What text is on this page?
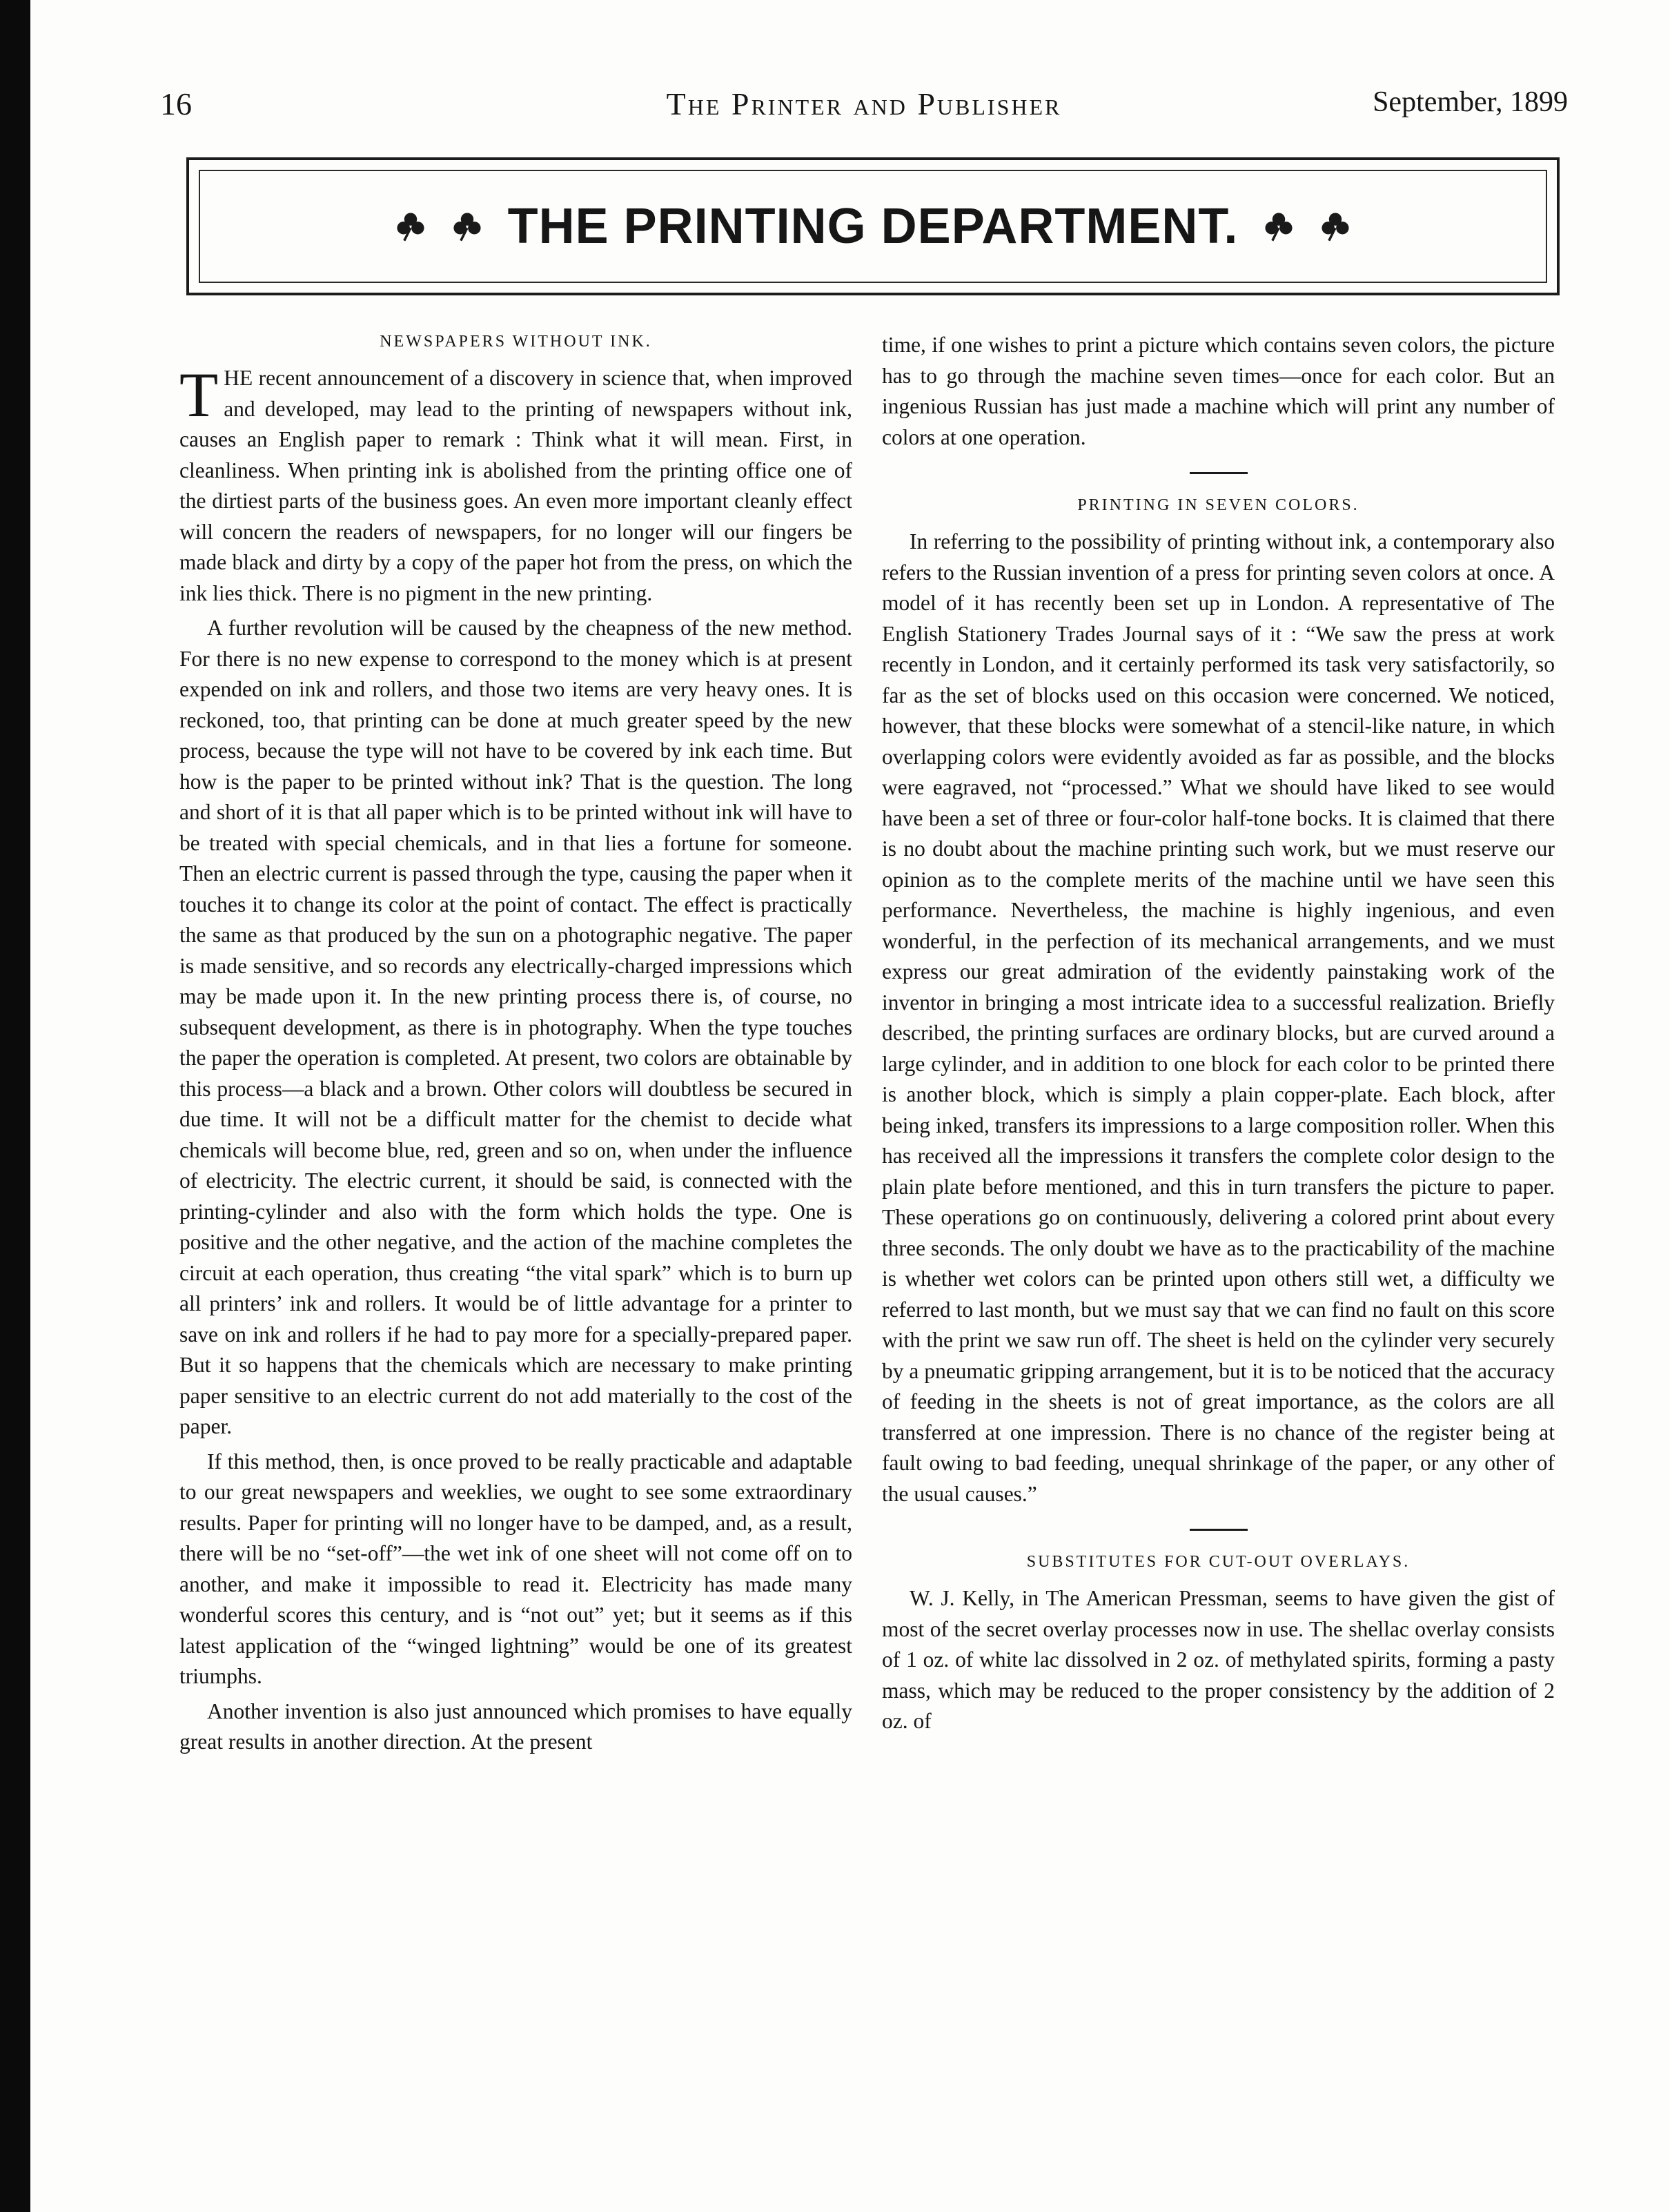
16	The Printer and Publisher	September, 1899
THE PRINTING DEPARTMENT.
NEWSPAPERS WITHOUT INK.

THE recent announcement of a discovery in science that, when improved and developed, may lead to the printing of newspapers without ink, causes an English paper to remark : Think what it will mean. First, in cleanliness. When printing ink is abolished from the printing office one of the dirtiest parts of the business goes. An even more important cleanly effect will concern the readers of newspapers, for no longer will our fingers be made black and dirty by a copy of the paper hot from the press, on which the ink lies thick. There is no pigment in the new printing.

A further revolution will be caused by the cheapness of the new method. For there is no new expense to correspond to the money which is at present expended on ink and rollers, and those two items are very heavy ones. It is reckoned, too, that printing can be done at much greater speed by the new process, because the type will not have to be covered by ink each time. But how is the paper to be printed without ink? That is the question. The long and short of it is that all paper which is to be printed without ink will have to be treated with special chemicals, and in that lies a fortune for someone. Then an electric current is passed through the type, causing the paper when it touches it to change its color at the point of contact. The effect is practically the same as that produced by the sun on a photographic negative. The paper is made sensitive, and so records any electrically-charged impressions which may be made upon it. In the new printing process there is, of course, no subsequent development, as there is in photography. When the type touches the paper the operation is completed. At present, two colors are obtainable by this process—a black and a brown. Other colors will doubtless be secured in due time. It will not be a difficult matter for the chemist to decide what chemicals will become blue, red, green and so on, when under the influence of electricity. The electric current, it should be said, is connected with the printing-cylinder and also with the form which holds the type. One is positive and the other negative, and the action of the machine completes the circuit at each operation, thus creating “the vital spark” which is to burn up all printers’ ink and rollers. It would be of little advantage for a printer to save on ink and rollers if he had to pay more for a specially-prepared paper. But it so happens that the chemicals which are necessary to make printing paper sensitive to an electric current do not add materially to the cost of the paper.

If this method, then, is once proved to be really practicable and adaptable to our great newspapers and weeklies, we ought to see some extraordinary results. Paper for printing will no longer have to be damped, and, as a result, there will be no “set-off”—the wet ink of one sheet will not come off on to another, and make it impossible to read it. Electricity has made many wonderful scores this century, and is “not out” yet; but it seems as if this latest application of the “winged lightning” would be one of its greatest triumphs.

Another invention is also just announced which promises to have equally great results in another direction. At the present

time, if one wishes to print a picture which contains seven colors, the picture has to go through the machine seven times—once for each color. But an ingenious Russian has just made a machine which will print any number of colors at one operation.

PRINTING IN SEVEN COLORS.

In referring to the possibility of printing without ink, a contemporary also refers to the Russian invention of a press for printing seven colors at once. A model of it has recently been set up in London. A representative of The English Stationery Trades Journal says of it : “We saw the press at work recently in London, and it certainly performed its task very satisfactorily, so far as the set of blocks used on this occasion were concerned. We noticed, however, that these blocks were somewhat of a stencil-like nature, in which overlapping colors were evidently avoided as far as possible, and the blocks were eagraved, not “processed.” What we should have liked to see would have been a set of three or four-color half-tone bocks. It is claimed that there is no doubt about the machine printing such work, but we must reserve our opinion as to the complete merits of the machine until we have seen this performance. Nevertheless, the machine is highly ingenious, and even wonderful, in the perfection of its mechanical arrangements, and we must express our great admiration of the evidently painstaking work of the inventor in bringing a most intricate idea to a successful realization. Briefly described, the printing surfaces are ordinary blocks, but are curved around a large cylinder, and in addition to one block for each color to be printed there is another block, which is simply a plain copper-plate. Each block, after being inked, transfers its impressions to a large composition roller. When this has received all the impressions it transfers the complete color design to the plain plate before mentioned, and this in turn transfers the picture to paper. These operations go on continuously, delivering a colored print about every three seconds. The only doubt we have as to the practicability of the machine is whether wet colors can be printed upon others still wet, a difficulty we referred to last month, but we must say that we can find no fault on this score with the print we saw run off. The sheet is held on the cylinder very securely by a pneumatic gripping arrangement, but it is to be noticed that the accuracy of feeding in the sheets is not of great importance, as the colors are all transferred at one impression. There is no chance of the register being at fault owing to bad feeding, unequal shrinkage of the paper, or any other of the usual causes.”

SUBSTITUTES FOR CUT-OUT OVERLAYS.

W. J. Kelly, in The American Pressman, seems to have given the gist of most of the secret overlay processes now in use. The shellac overlay consists of 1 oz. of white lac dissolved in 2 oz. of methylated spirits, forming a pasty mass, which may be reduced to the proper consistency by the addition of 2 oz. of
